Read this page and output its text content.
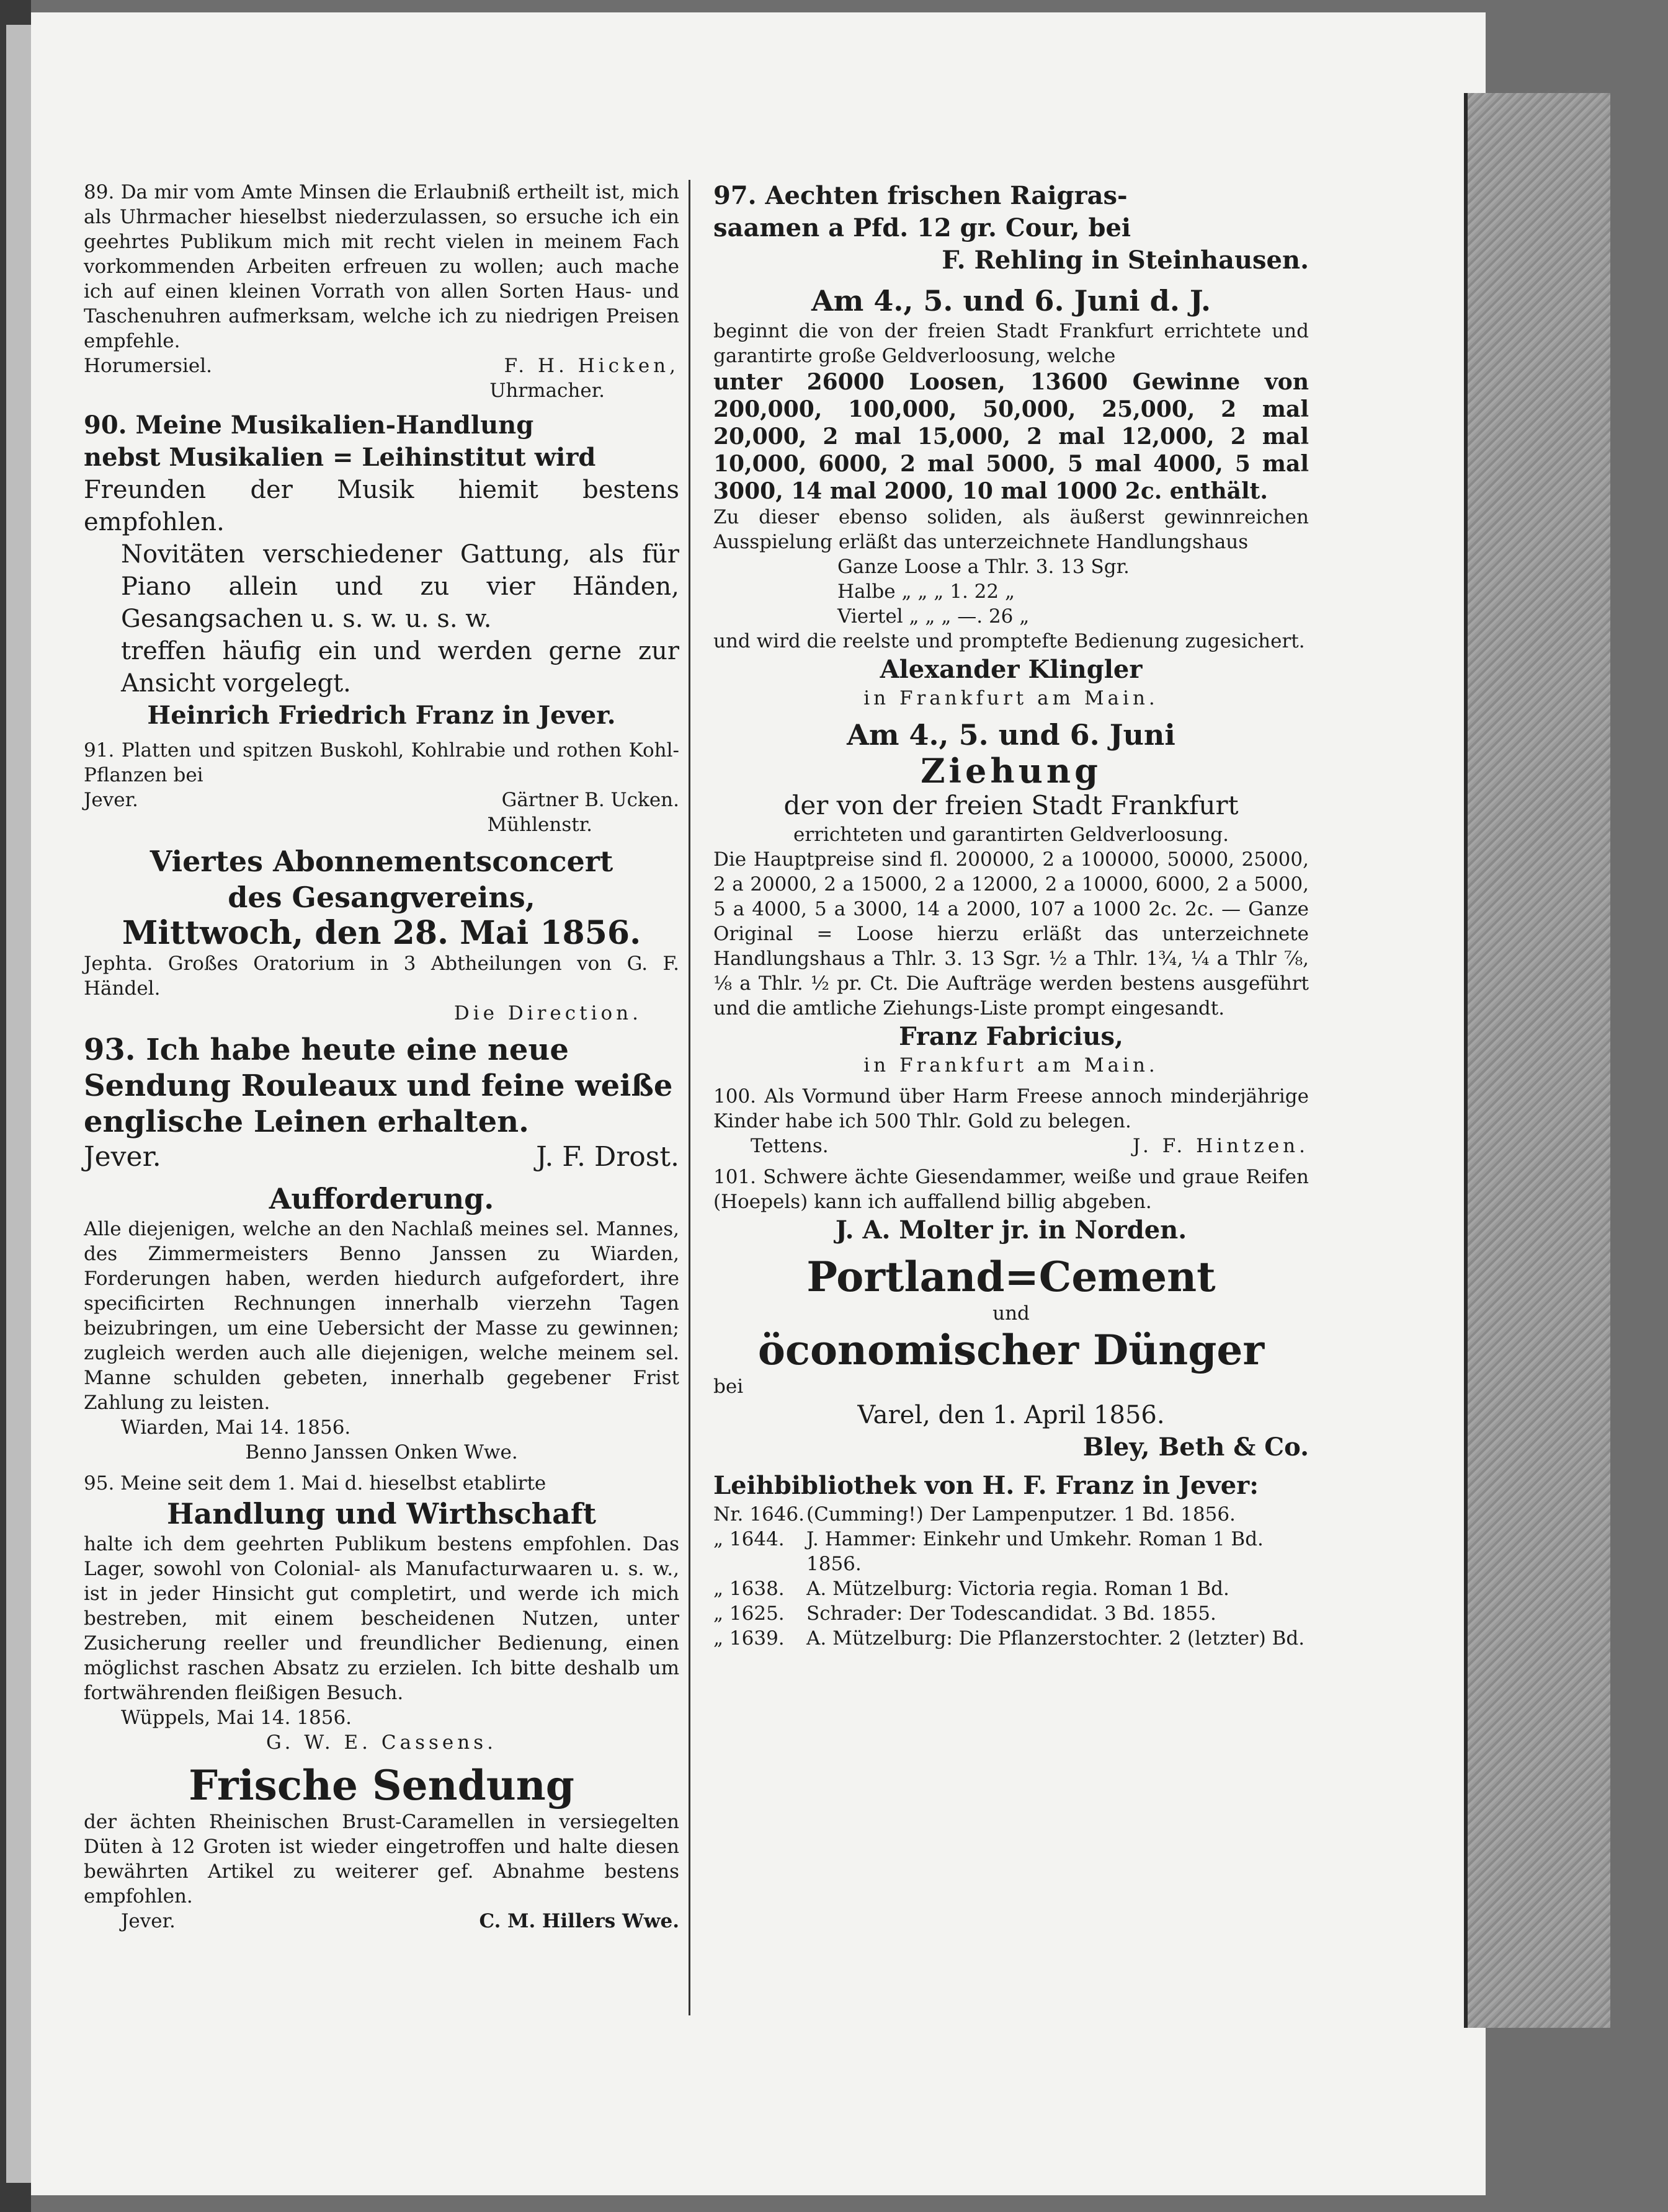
89. Da mir vom Amte Minsen die Erlaubniß ertheilt ist, mich als Uhrmacher hieselbst niederzulassen, so ersuche ich ein geehrtes Publikum mich mit recht vielen in meinem Fach vorkommenden Arbeiten erfreuen zu wollen; auch mache ich auf einen kleinen Vorrath von allen Sorten Haus- und Taschenuhren aufmerksam, welche ich zu niedrigen Preisen empfehle.

Horumersiel.	F. H. Hicken,
Uhrmacher.

90. Meine Musikalien-Handlung

nebst Musikalien = Leihinstitut wird

Freunden der Musik hiemit bestens empfohlen.

Novitäten verschiedener Gattung, als für Piano allein und zu vier Händen, Gesangsachen u. s. w. u. s. w.

treffen häufig ein und werden gerne zur Ansicht vorgelegt.

Heinrich Friedrich Franz in Jever.

91. Platten und spitzen Buskohl, Kohlrabie und rothen Kohl-Pflanzen bei

Jever.	Gärtner B. Ucken.
Mühlenstr.

Viertes Abonnementsconcert

des Gesangvereins,

Mittwoch, den 28. Mai 1856.

Jephta. Großes Oratorium in 3 Abtheilungen von G. F. Händel.

Die Direction.

93. Ich habe heute eine neue Sendung Rouleaux und feine weiße englische Leinen erhalten.

Jever.	J. F. Drost.

Aufforderung.

Alle diejenigen, welche an den Nachlaß meines sel. Mannes, des Zimmermeisters Benno Janssen zu Wiarden, Forderungen haben, werden hiedurch aufgefordert, ihre specificirten Rechnungen innerhalb vierzehn Tagen beizubringen, um eine Uebersicht der Masse zu gewinnen; zugleich werden auch alle diejenigen, welche meinem sel. Manne schulden gebeten, innerhalb gegebener Frist Zahlung zu leisten.

Wiarden, Mai 14. 1856.

Benno Janssen Onken Wwe.

95. Meine seit dem 1. Mai d. hieselbst etablirte

Handlung und Wirthschaft

halte ich dem geehrten Publikum bestens empfohlen. Das Lager, sowohl von Colonial- als Manufacturwaaren u. s. w., ist in jeder Hinsicht gut completirt, und werde ich mich bestreben, mit einem bescheidenen Nutzen, unter Zusicherung reeller und freundlicher Bedienung, einen möglichst raschen Absatz zu erzielen. Ich bitte deshalb um fortwährenden fleißigen Besuch.

Wüppels, Mai 14. 1856.

G. W. E. Cassens.

Frische Sendung

der ächten Rheinischen Brust-Caramellen in versiegelten Düten à 12 Groten ist wieder eingetroffen und halte diesen bewährten Artikel zu weiterer gef. Abnahme bestens empfohlen.

Jever.	C. M. Hillers Wwe.

97. Aechten frischen Raigras-

saamen a Pfd. 12 gr. Cour, bei

F. Rehling in Steinhausen.

Am 4., 5. und 6. Juni d. J.

beginnt die von der freien Stadt Frankfurt errichtete und garantirte große Geldverloosung, welche

unter 26000 Loosen, 13600 Gewinne von 200,000, 100,000, 50,000, 25,000, 2 mal 20,000, 2 mal 15,000, 2 mal 12,000, 2 mal 10,000, 6000, 2 mal 5000, 5 mal 4000, 5 mal 3000, 14 mal 2000, 10 mal 1000 2c. enthält.

Zu dieser ebenso soliden, als äußerst gewinnreichen Ausspielung erläßt das unterzeichnete Handlungshaus

Ganze Loose a Thlr. 3. 13 Sgr.

Halbe „ „ „ 1. 22 „

Viertel „ „ „ —. 26 „

und wird die reelste und promptefte Bedienung zugesichert.

Alexander Klingler

in Frankfurt am Main.

Am 4., 5. und 6. Juni

Ziehung

der von der freien Stadt Frankfurt

errichteten und garantirten Geldverloosung.

Die Hauptpreise sind fl. 200000, 2 a 100000, 50000, 25000, 2 a 20000, 2 a 15000, 2 a 12000, 2 a 10000, 6000, 2 a 5000, 5 a 4000, 5 a 3000, 14 a 2000, 107 a 1000 2c. 2c. — Ganze Original = Loose hierzu erläßt das unterzeichnete Handlungshaus a Thlr. 3. 13 Sgr. ½ a Thlr. 1¾, ¼ a Thlr ⅞, ⅛ a Thlr. ½ pr. Ct. Die Aufträge werden bestens ausgeführt und die amtliche Ziehungs-Liste prompt eingesandt.

Franz Fabricius,

in Frankfurt am Main.

100. Als Vormund über Harm Freese annoch minderjährige Kinder habe ich 500 Thlr. Gold zu belegen.

Tettens.	J. F. Hintzen.

101. Schwere ächte Giesendammer, weiße und graue Reifen (Hoepels) kann ich auffallend billig abgeben.

J. A. Molter jr. in Norden.

Portland=Cement

und

öconomischer Dünger

bei

Varel, den 1. April 1856.

Bley, Beth & Co.

Leihbibliothek von H. F. Franz in Jever:

Nr. 1646. (Cumming!) Der Lampenputzer. 1 Bd. 1856.
„ 1644.	J. Hammer: Einkehr und Umkehr. Roman 1 Bd. 1856.
„ 1638.	A. Mützelburg: Victoria regia. Roman 1 Bd.
„ 1625.	Schrader: Der Todescandidat. 3 Bd. 1855.
„ 1639.	A. Mützelburg: Die Pflanzerstochter. 2 (letzter) Bd.
